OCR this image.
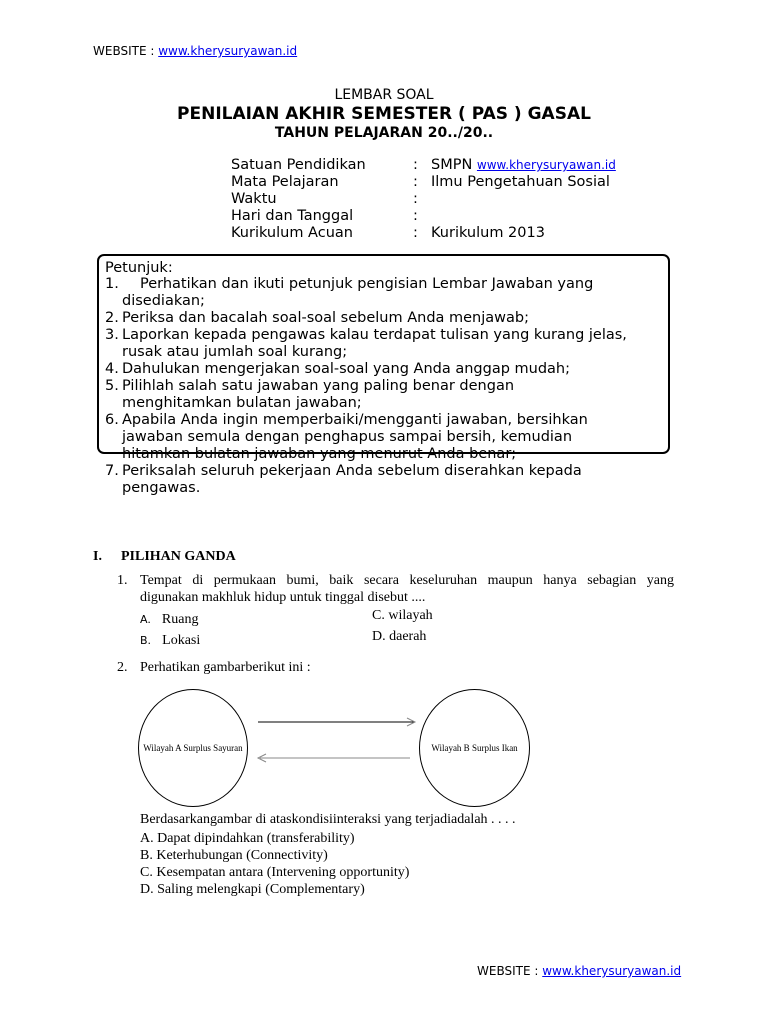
WEBSITE : www.kherysuryawan.id
LEMBAR SOAL
PENILAIAN AKHIR SEMESTER ( PAS ) GASAL
TAHUN PELAJARAN 20../20..
Satuan Pendidikan	: SMPN www.kherysuryawan.id
Mata Pelajaran	: Ilmu Pengetahuan Sosial
Waktu	:
Hari dan Tanggal	:
Kurikulum Acuan	: Kurikulum 2013
Petunjuk:
1. Perhatikan dan ikuti petunjuk pengisian Lembar Jawaban yang
disediakan;
2. Periksa dan bacalah soal-soal sebelum Anda menjawab;
3. Laporkan kepada pengawas kalau terdapat tulisan yang kurang jelas,
rusak atau jumlah soal kurang;
4. Dahulukan mengerjakan soal-soal yang Anda anggap mudah;
5. Pilihlah salah satu jawaban yang paling benar dengan
menghitamkan bulatan jawaban;
6. Apabila Anda ingin memperbaiki/mengganti jawaban, bersihkan
jawaban semula dengan penghapus sampai bersih, kemudian
hitamkan bulatan jawaban yang menurut Anda benar;
7. Periksalah seluruh pekerjaan Anda sebelum diserahkan kepada
pengawas.
I. PILIHAN GANDA
1. Tempat di permukaan bumi, baik secara keseluruhan maupun hanya sebagian yang
digunakan makhluk hidup untuk tinggal disebut ....
A. Ruang
B. Lokasi
C. wilayah
D. daerah
2. Perhatikan gambarberikut ini :
Wilayah A Surplus Sayuran	Wilayah B Surplus Ikan
Berdasarkangambar di ataskondisiinteraksi yang terjadiadalah . . . .
A. Dapat dipindahkan (transferability)
B. Keterhubungan (Connectivity)
C. Kesempatan antara (Intervening opportunity)
D. Saling melengkapi (Complementary)
WEBSITE : www.kherysuryawan.id
